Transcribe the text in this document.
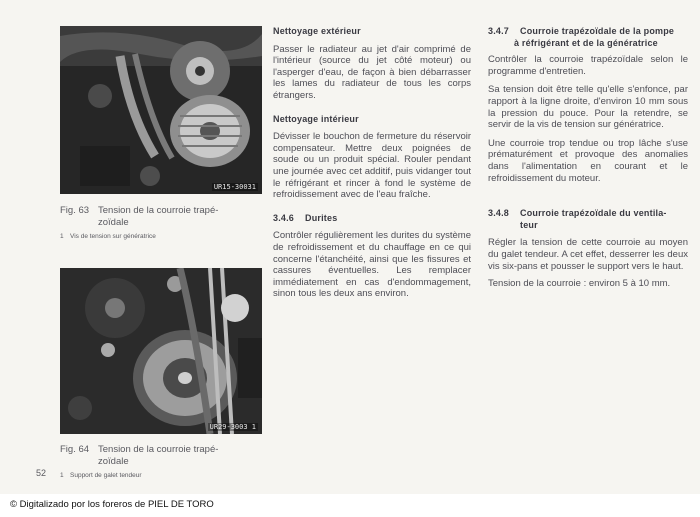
UR15-30031
Fig. 63 Tension de la courroie trapé-
zoïdale
1 Vis de tension sur génératrice
UR29-3003 1
Fig. 64 Tension de la courroie trapé-
zoïdale
1 Support de galet tendeur
52
Nettoyage extérieur

Passer le radiateur au jet d'air comprimé de l'intérieur (source du jet côté moteur) ou l'asperger d'eau, de façon à bien débarrasser les lames du radiateur de tous les corps étrangers.

Nettoyage intérieur

Dévisser le bouchon de fermeture du réservoir compensateur. Mettre deux poignées de soude ou un produit spécial. Rouler pendant une journée avec cet additif, puis vidanger tout le réfrigérant et rincer à fond le système de refroidissement avec de l'eau fraîche.

3.4.6 Durites

Contrôler régulièrement les durites du système de refroidissement et du chauffage en ce qui concerne l'étanchéité, ainsi que les fissures et cassures éventuelles. Les remplacer immédiatement en cas d'endommagement, sinon tous les deux ans environ.

3.4.7 Courroie trapézoïdale de la pompe
à réfrigérant et de la génératrice

Contrôler la courroie trapézoïdale selon le programme d'entretien.

Sa tension doit être telle qu'elle s'enfonce, par rapport à la ligne droite, d'environ 10 mm sous la pression du pouce. Pour la retendre, se servir de la vis de tension sur génératrice.

Une courroie trop tendue ou trop lâche s'use prématurément et provoque des anomalies dans l'alimentation en courant et le refroidissement du moteur.

3.4.8 Courroie trapézoïdale du ventila-
teur

Régler la tension de cette courroie au moyen du galet tendeur. A cet effet, desserrer les deux vis six-pans et pousser le support vers le haut.

Tension de la courroie : environ 5 à 10 mm.

© Digitalizado por los foreros de PIEL DE TORO
